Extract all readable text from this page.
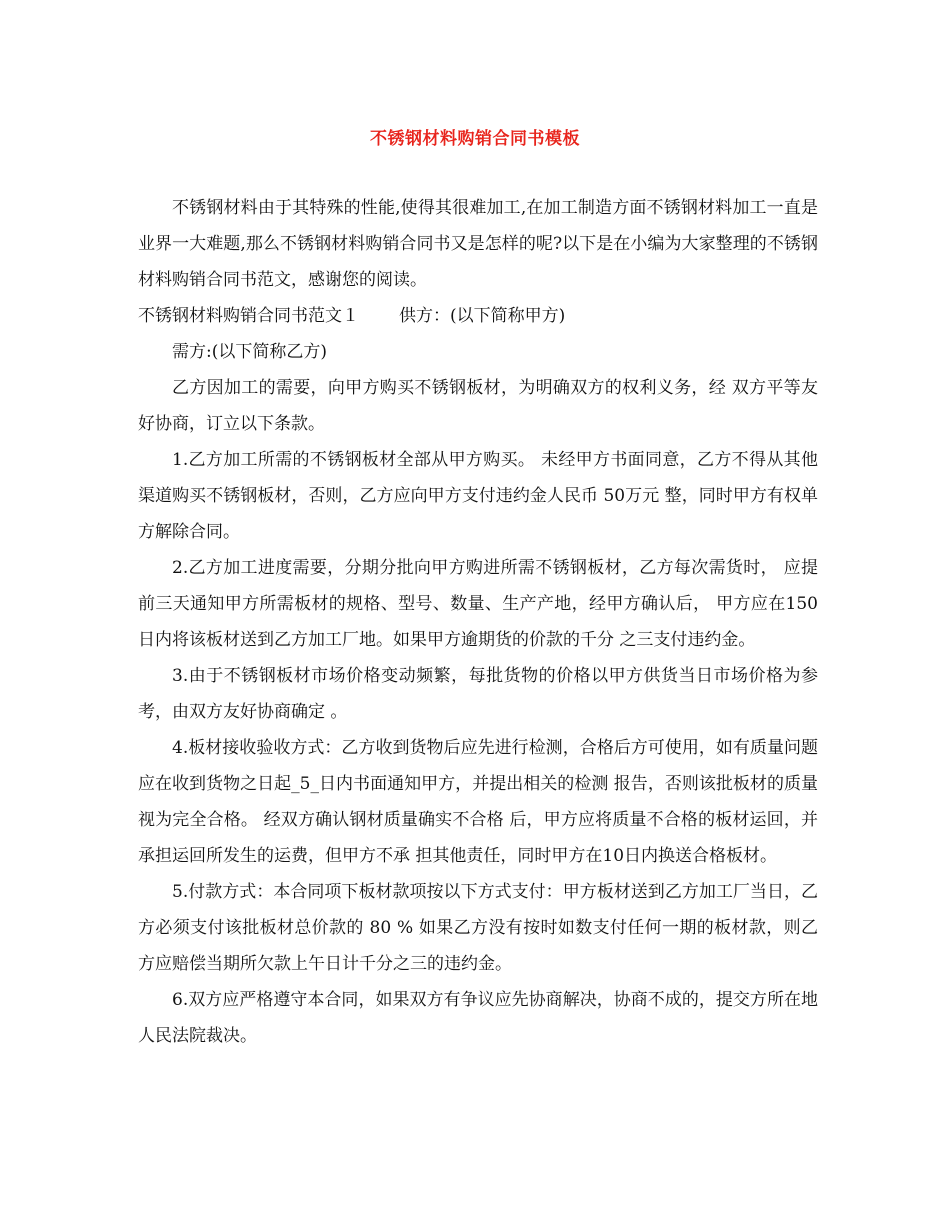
不锈钢材料购销合同书模板

不锈钢材料由于其特殊的性能,使得其很难加工,在加工制造方面不锈钢材料加工一直是业界一大难题,那么不锈钢材料购销合同书又是怎样的呢?以下是在小编为大家整理的不锈钢材料购销合同书范文，感谢您的阅读。

不锈钢材料购销合同书范文１ 供方：(以下简称甲方)

需方:(以下简称乙方)

乙方因加工的需要，向甲方购买不锈钢板材，为明确双方的权利义务，经 双方平等友好协商，订立以下条款。

1.乙方加工所需的不锈钢板材全部从甲方购买。 未经甲方书面同意，乙方不得从其他渠道购买不锈钢板材，否则，乙方应向甲方支付违约金人民币 50万元 整，同时甲方有权单方解除合同。

2.乙方加工进度需要，分期分批向甲方购进所需不锈钢板材，乙方每次需货时， 应提前三天通知甲方所需板材的规格、型号、数量、生产产地，经甲方确认后， 甲方应在150日内将该板材送到乙方加工厂地。如果甲方逾期货的价款的千分 之三支付违约金。

3.由于不锈钢板材市场价格变动频繁，每批货物的价格以甲方供货当日市场价格为参考，由双方友好协商确定 。

4.板材接收验收方式：乙方收到货物后应先进行检测，合格后方可使用，如有质量问题应在收到货物之日起_5_日内书面通知甲方，并提出相关的检测 报告，否则该批板材的质量视为完全合格。 经双方确认钢材质量确实不合格 后，甲方应将质量不合格的板材运回，并承担运回所发生的运费，但甲方不承 担其他责任，同时甲方在10日内换送合格板材。

5.付款方式：本合同项下板材款项按以下方式支付：甲方板材送到乙方加工厂当日，乙方必须支付该批板材总价款的 80 % 如果乙方没有按时如数支付任何一期的板材款，则乙方应赔偿当期所欠款上午日计千分之三的违约金。

6.双方应严格遵守本合同，如果双方有争议应先协商解决，协商不成的，提交方所在地人民法院裁决。
